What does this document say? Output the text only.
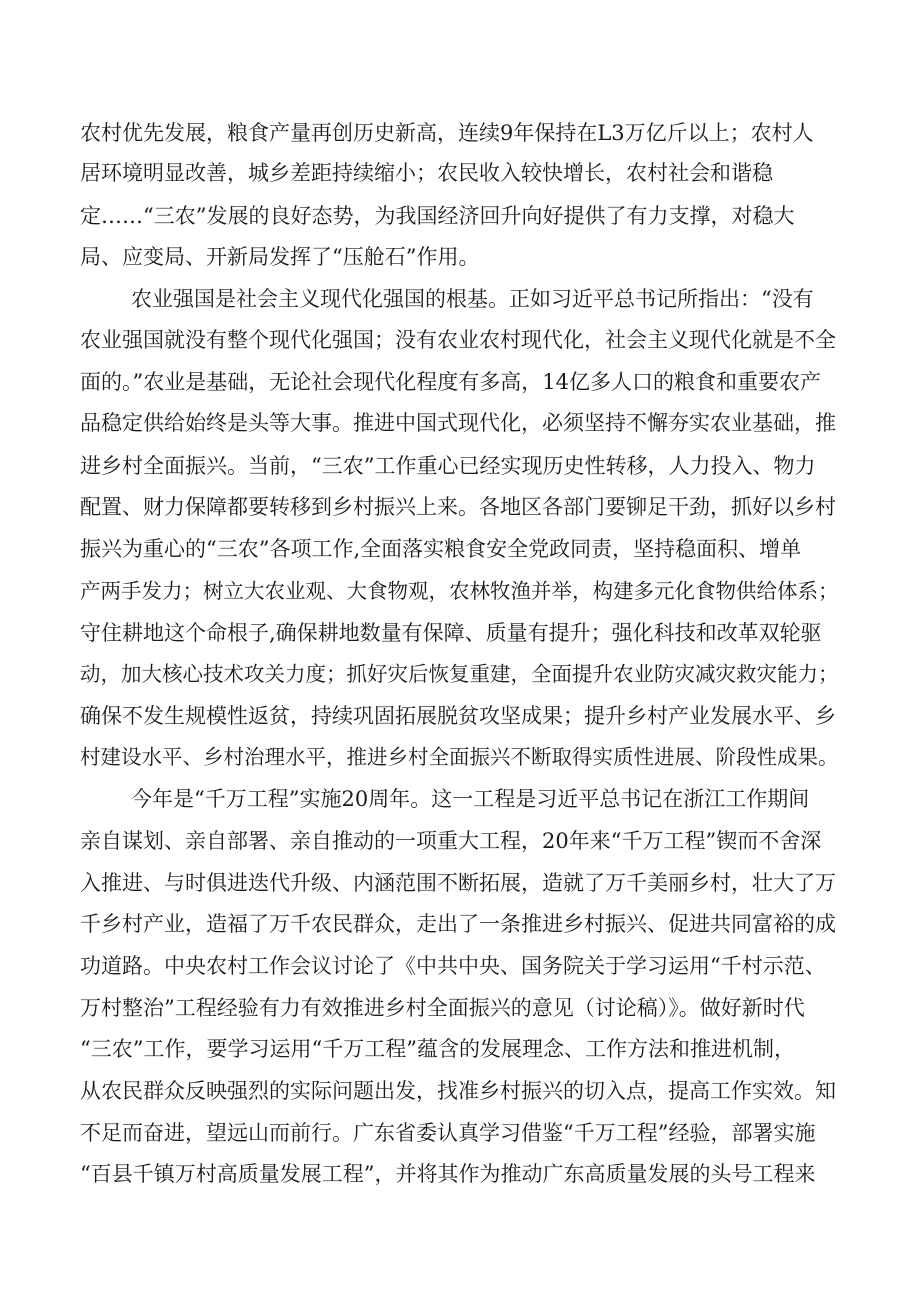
农村优先发展，粮食产量再创历史新高，连续9年保持在L3万亿斤以上；农村人

居环境明显改善，城乡差距持续缩小；农民收入较快增长，农村社会和谐稳

定……“三农”发展的良好态势，为我国经济回升向好提供了有力支撑，对稳大

局、应变局、开新局发挥了“压舱石”作用。

农业强国是社会主义现代化强国的根基。正如习近平总书记所指出：“没有

农业强国就没有整个现代化强国；没有农业农村现代化，社会主义现代化就是不全

面的。”农业是基础，无论社会现代化程度有多高，14亿多人口的粮食和重要农产

品稳定供给始终是头等大事。推进中国式现代化，必须坚持不懈夯实农业基础，推

进乡村全面振兴。当前，“三农”工作重心已经实现历史性转移，人力投入、物力

配置、财力保障都要转移到乡村振兴上来。各地区各部门要铆足干劲，抓好以乡村

振兴为重心的“三农”各项工作,全面落实粮食安全党政同责，坚持稳面积、增单

产两手发力；树立大农业观、大食物观，农林牧渔并举，构建多元化食物供给体系；

守住耕地这个命根子,确保耕地数量有保障、质量有提升；强化科技和改革双轮驱

动，加大核心技术攻关力度；抓好灾后恢复重建，全面提升农业防灾减灾救灾能力；

确保不发生规模性返贫，持续巩固拓展脱贫攻坚成果；提升乡村产业发展水平、乡

村建设水平、乡村治理水平，推进乡村全面振兴不断取得实质性进展、阶段性成果。

今年是“千万工程”实施20周年。这一工程是习近平总书记在浙江工作期间

亲自谋划、亲自部署、亲自推动的一项重大工程，20年来“千万工程”锲而不舍深

入推进、与时俱进迭代升级、内涵范围不断拓展，造就了万千美丽乡村，壮大了万

千乡村产业，造福了万千农民群众，走出了一条推进乡村振兴、促进共同富裕的成

功道路。中央农村工作会议讨论了《中共中央、国务院关于学习运用“千村示范、

万村整治”工程经验有力有效推进乡村全面振兴的意见（讨论稿）》。做好新时代

“三农”工作，要学习运用“千万工程”蕴含的发展理念、工作方法和推进机制，

从农民群众反映强烈的实际问题出发，找准乡村振兴的切入点，提高工作实效。知

不足而奋进，望远山而前行。广东省委认真学习借鉴“千万工程”经验，部署实施

“百县千镇万村高质量发展工程”，并将其作为推动广东高质量发展的头号工程来
